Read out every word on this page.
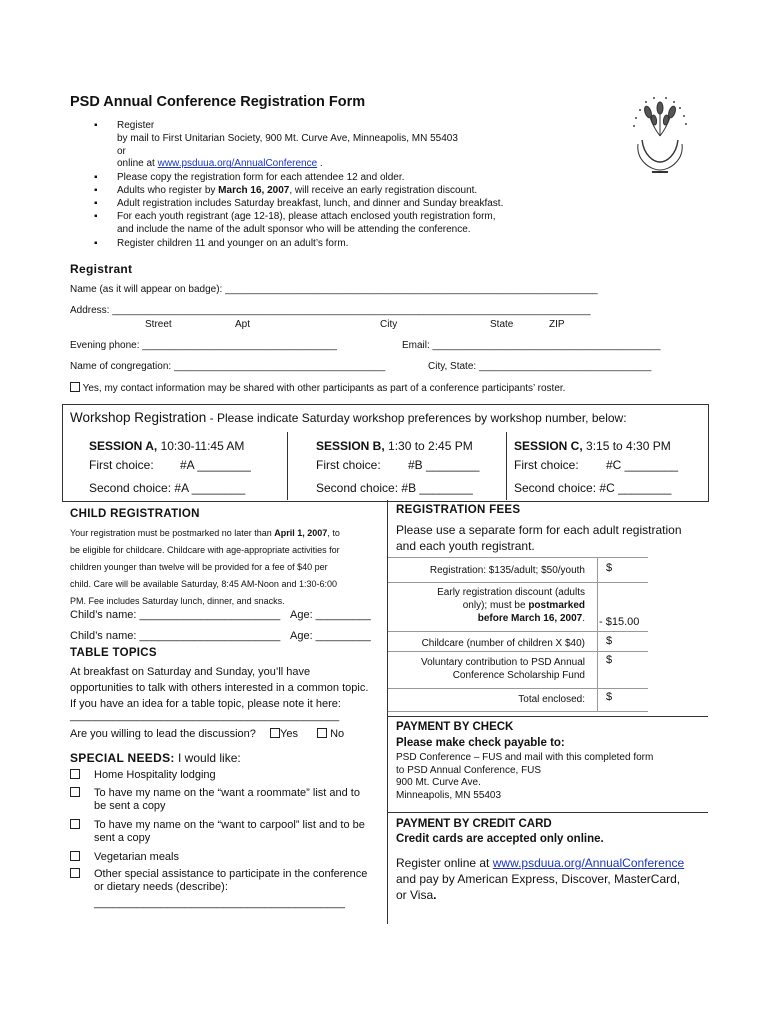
PSD Annual Conference Registration Form
▪ Register
by mail to First Unitarian Society, 900 Mt. Curve Ave, Minneapolis, MN 55403
or
online at www.psduua.org/AnnualConference .
▪ Please copy the registration form for each attendee 12 and older.
▪ Adults who register by March 16, 2007, will receive an early registration discount.
▪ Adult registration includes Saturday breakfast, lunch, and dinner and Sunday breakfast.
▪ For each youth registrant (age 12-18), please attach enclosed youth registration form,
and include the name of the adult sponsor who will be attending the conference.
▪ Register children 11 and younger on an adult’s form.
Registrant
Name (as it will appear on badge): ___________________________________________________________________
Address: ______________________________________________________________________________________
Street	Apt	City	State	ZIP
Evening phone: ___________________________________	Email: _________________________________________
Name of congregation: ______________________________________	City, State: _______________________________
Yes, my contact information may be shared with other participants as part of a conference participants’ roster.
Workshop Registration - Please indicate Saturday workshop preferences by workshop number, below:
SESSION A, 10:30-11:45 AM
First choice: #A ________
Second choice: #A ________
SESSION B, 1:30 to 2:45 PM
First choice: #B ________
Second choice: #B ________
SESSION C, 3:15 to 4:30 PM
First choice: #C ________
Second choice: #C ________
CHILD REGISTRATION
Your registration must be postmarked no later than April 1, 2007, to
be eligible for childcare. Childcare with age-appropriate activities for
children younger than twelve will be provided for a fee of $40 per
child. Care will be available Saturday, 8:45 AM-Noon and 1:30-6:00
PM. Fee includes Saturday lunch, dinner, and snacks.
Child’s name: _______________________ Age: _________
Child’s name: _______________________ Age: _________
TABLE TOPICS
At breakfast on Saturday and Sunday, you’ll have
opportunities to talk with others interested in a common topic.
If you have an idea for a table topic, please note it here:
____________________________________________
Are you willing to lead the discussion?	Yes	No
SPECIAL NEEDS: I would like:
Home Hospitality lodging
To have my name on the “want a roommate” list and to
be sent a copy
To have my name on the “want to carpool” list and to be
sent a copy
Vegetarian meals
Other special assistance to participate in the conference
or dietary needs (describe):
_________________________________________
REGISTRATION FEES
Please use a separate form for each adult registration
and each youth registrant.
Registration: $135/adult; $50/youth $
Early registration discount (adults
only); must be postmarked
before March 16, 2007. - $15.00
Childcare (number of children X $40) $
Voluntary contribution to PSD Annual
Conference Scholarship Fund
$
Total enclosed: $
PAYMENT BY CHECK
Please make check payable to:
PSD Conference – FUS and mail with this completed form
to PSD Annual Conference, FUS
900 Mt. Curve Ave.
Minneapolis, MN 55403
PAYMENT BY CREDIT CARD
Credit cards are accepted only online.
Register online at www.psduua.org/AnnualConference
and pay by American Express, Discover, MasterCard,
or Visa.
